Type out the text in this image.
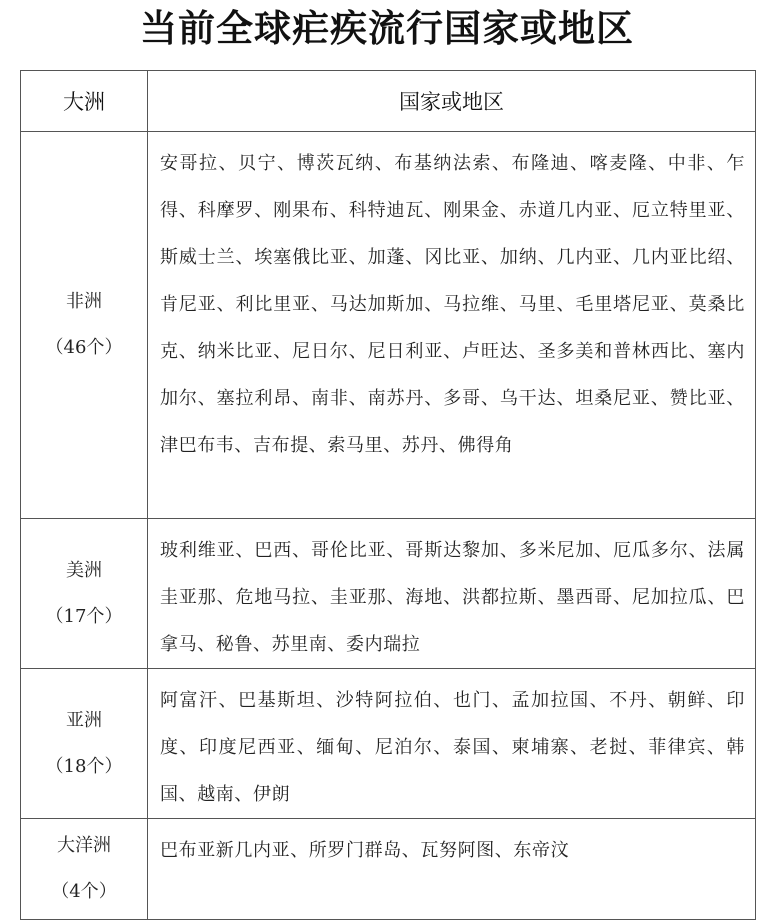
当前全球疟疾流行国家或地区
大洲	国家或地区

非洲
（46个）	安哥拉、贝宁、博茨瓦纳、布基纳法索、布隆迪、喀麦隆、中非、乍得、科摩罗、刚果布、科特迪瓦、刚果金、赤道几内亚、厄立特里亚、斯威士兰、埃塞俄比亚、加蓬、冈比亚、加纳、几内亚、几内亚比绍、肯尼亚、利比里亚、马达加斯加、马拉维、马里、毛里塔尼亚、莫桑比克、纳米比亚、尼日尔、尼日利亚、卢旺达、圣多美和普林西比、塞内加尔、塞拉利昂、南非、南苏丹、多哥、乌干达、坦桑尼亚、赞比亚、津巴布韦、吉布提、索马里、苏丹、佛得角

美洲
（17个）	玻利维亚、巴西、哥伦比亚、哥斯达黎加、多米尼加、厄瓜多尔、法属圭亚那、危地马拉、圭亚那、海地、洪都拉斯、墨西哥、尼加拉瓜、巴拿马、秘鲁、苏里南、委内瑞拉

亚洲
（18个）	阿富汗、巴基斯坦、沙特阿拉伯、也门、孟加拉国、不丹、朝鲜、印度、印度尼西亚、缅甸、尼泊尔、泰国、柬埔寨、老挝、菲律宾、韩国、越南、伊朗

大洋洲
（4个）	巴布亚新几内亚、所罗门群岛、瓦努阿图、东帝汶
